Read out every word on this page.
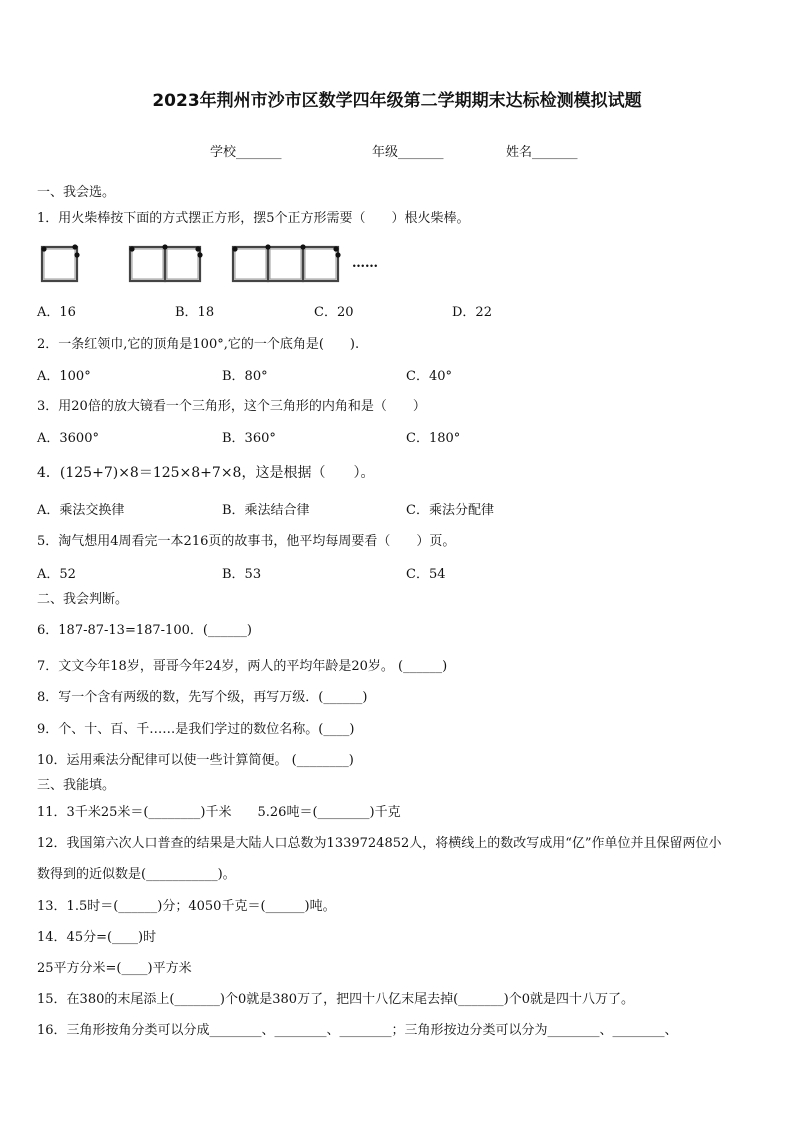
2023年荆州市沙市区数学四年级第二学期期末达标检测模拟试题
学校_______	年级_______	姓名_______
一、我会选。
1．用火柴棒按下面的方式摆正方形，摆5个正方形需要（　　）根火柴棒。
……
A．16	B．18	C．20	D．22
2．一条红领巾,它的顶角是100°,它的一个底角是(　　).
A．100°	B．80°	C．40°
3．用20倍的放大镜看一个三角形，这个三角形的内角和是（　　）
A．3600°	B．360°	C．180°
4．(125+7)×8＝125×8+7×8，这是根据（　　）。
A．乘法交换律	B．乘法结合律	C．乘法分配律
5．淘气想用4周看完一本216页的故事书，他平均每周要看（　　）页。
A．52	B．53	C．54
二、我会判断。
6．187-87-13=187-100．(______)
7．文文今年18岁，哥哥今年24岁，两人的平均年龄是20岁。 (______)
8．写一个含有两级的数，先写个级，再写万级．(______)
9．个、十、百、千……是我们学过的数位名称。(____)
10．运用乘法分配律可以使一些计算简便。 (________)
三、我能填。
11．3千米25米＝(________)千米　　5.26吨＝(________)千克
12．我国第六次人口普查的结果是大陆人口总数为1339724852人，将横线上的数改写成用“亿”作单位并且保留两位小
数得到的近似数是(___________)。
13．1.5时＝(______)分；4050千克＝(______)吨。
14．45分=(____)时
25平方分米=(____)平方米
15．在380的末尾添上(_______)个0就是380万了，把四十八亿末尾去掉(_______)个0就是四十八万了。
16．三角形按角分类可以分成________、________、________；三角形按边分类可以分为________、________、
